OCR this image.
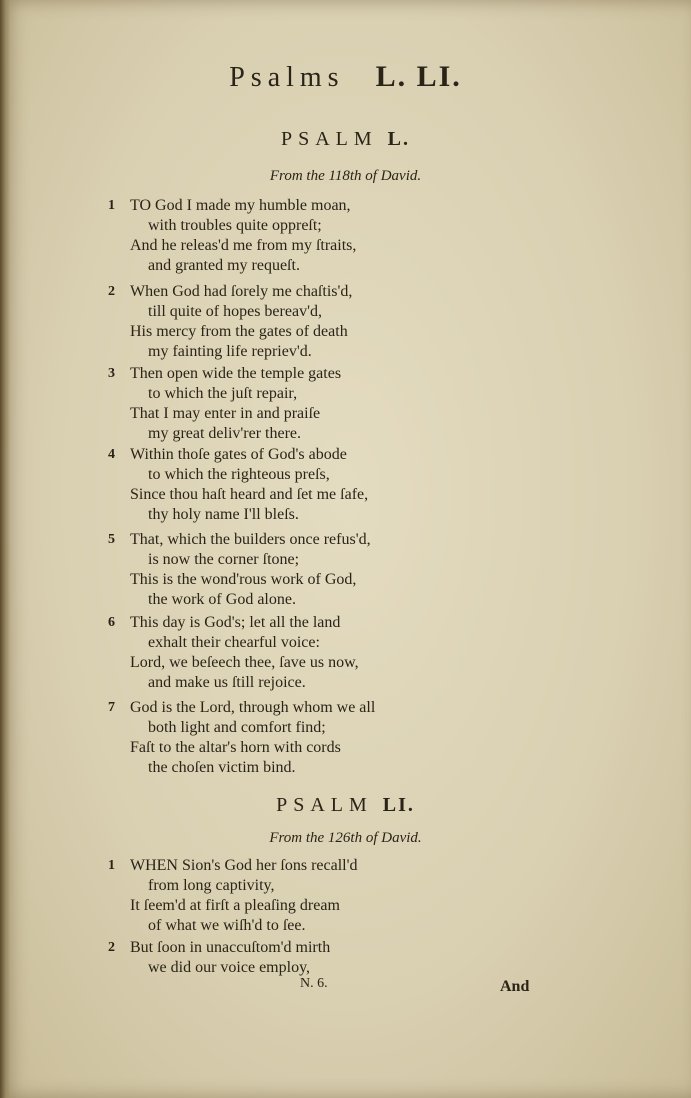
Psalms L. LI.
PSALM L.
From the 118th of David.
1 TO God I made my humble moan,
with troubles quite oppreſt;
And he releas'd me from my ſtraits,
and granted my requeſt.
2 When God had ſorely me chaſtis'd,
till quite of hopes bereav'd,
His mercy from the gates of death
my fainting life repriev'd.
3 Then open wide the temple gates
to which the juſt repair,
That I may enter in and praiſe
my great deliv'rer there.
4 Within thoſe gates of God's abode
to which the righteous preſs,
Since thou haſt heard and ſet me ſafe,
thy holy name I'll bleſs.
5 That, which the builders once refus'd,
is now the corner ſtone;
This is the wond'rous work of God,
the work of God alone.
6 This day is God's; let all the land
exhalt their chearful voice:
Lord, we beſeech thee, ſave us now,
and make us ſtill rejoice.
7 God is the Lord, through whom we all
both light and comfort find;
Faſt to the altar's horn with cords
the choſen victim bind.
PSALM LI.
From the 126th of David.
1 WHEN Sion's God her ſons recall'd
from long captivity,
It ſeem'd at firſt a pleaſing dream
of what we wiſh'd to ſee.
2 But ſoon in unaccuſtom'd mirth
we did our voice employ,
N. 6.	And
